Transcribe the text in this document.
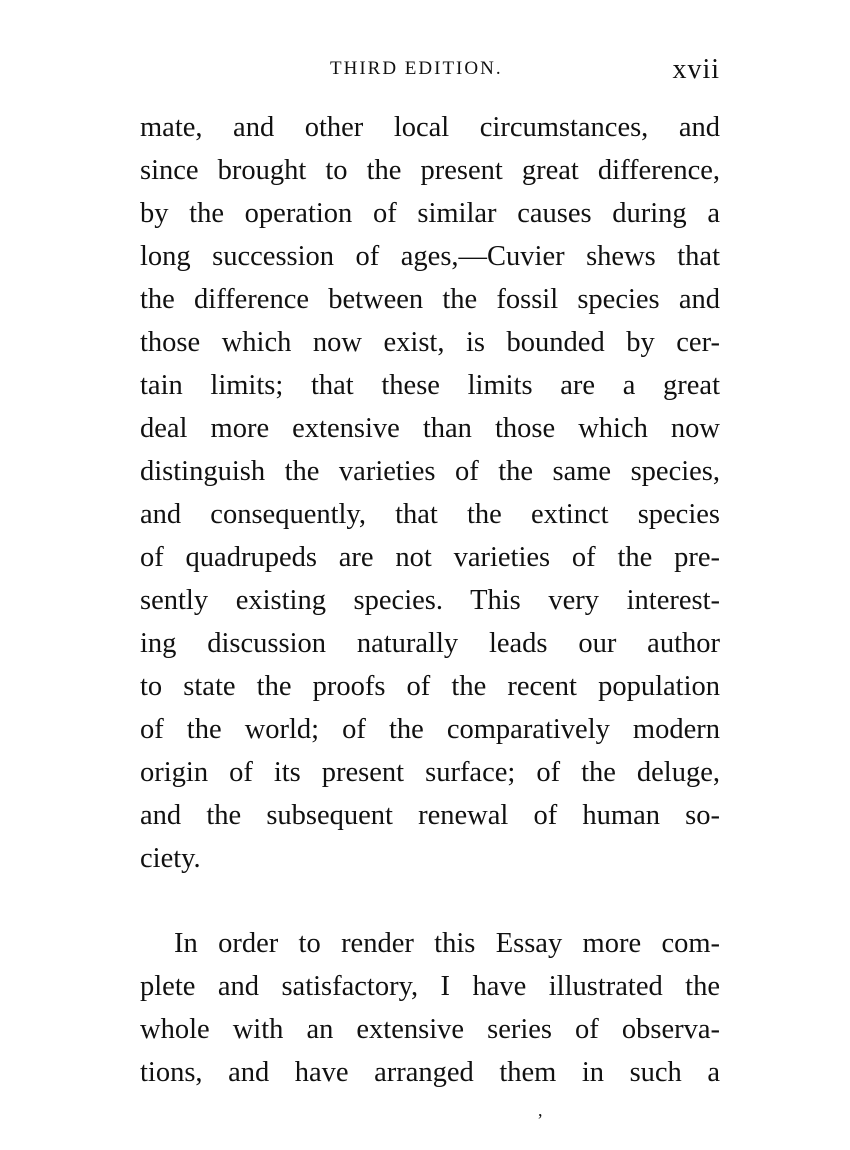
THIRD EDITION.	xvii
mate, and other local circumstances, and
since brought to the present great difference,
by the operation of similar causes during a
long succession of ages,—Cuvier shews that
the difference between the fossil species and
those which now exist, is bounded by cer-
tain limits; that these limits are a great
deal more extensive than those which now
distinguish the varieties of the same species,
and consequently, that the extinct species
of quadrupeds are not varieties of the pre-
sently existing species. This very interest-
ing discussion naturally leads our author
to state the proofs of the recent population
of the world; of the comparatively modern
origin of its present surface; of the deluge,
and the subsequent renewal of human so-
ciety.
In order to render this Essay more com-
plete and satisfactory, I have illustrated the
whole with an extensive series of observa-
tions, and have arranged them in such a
,
